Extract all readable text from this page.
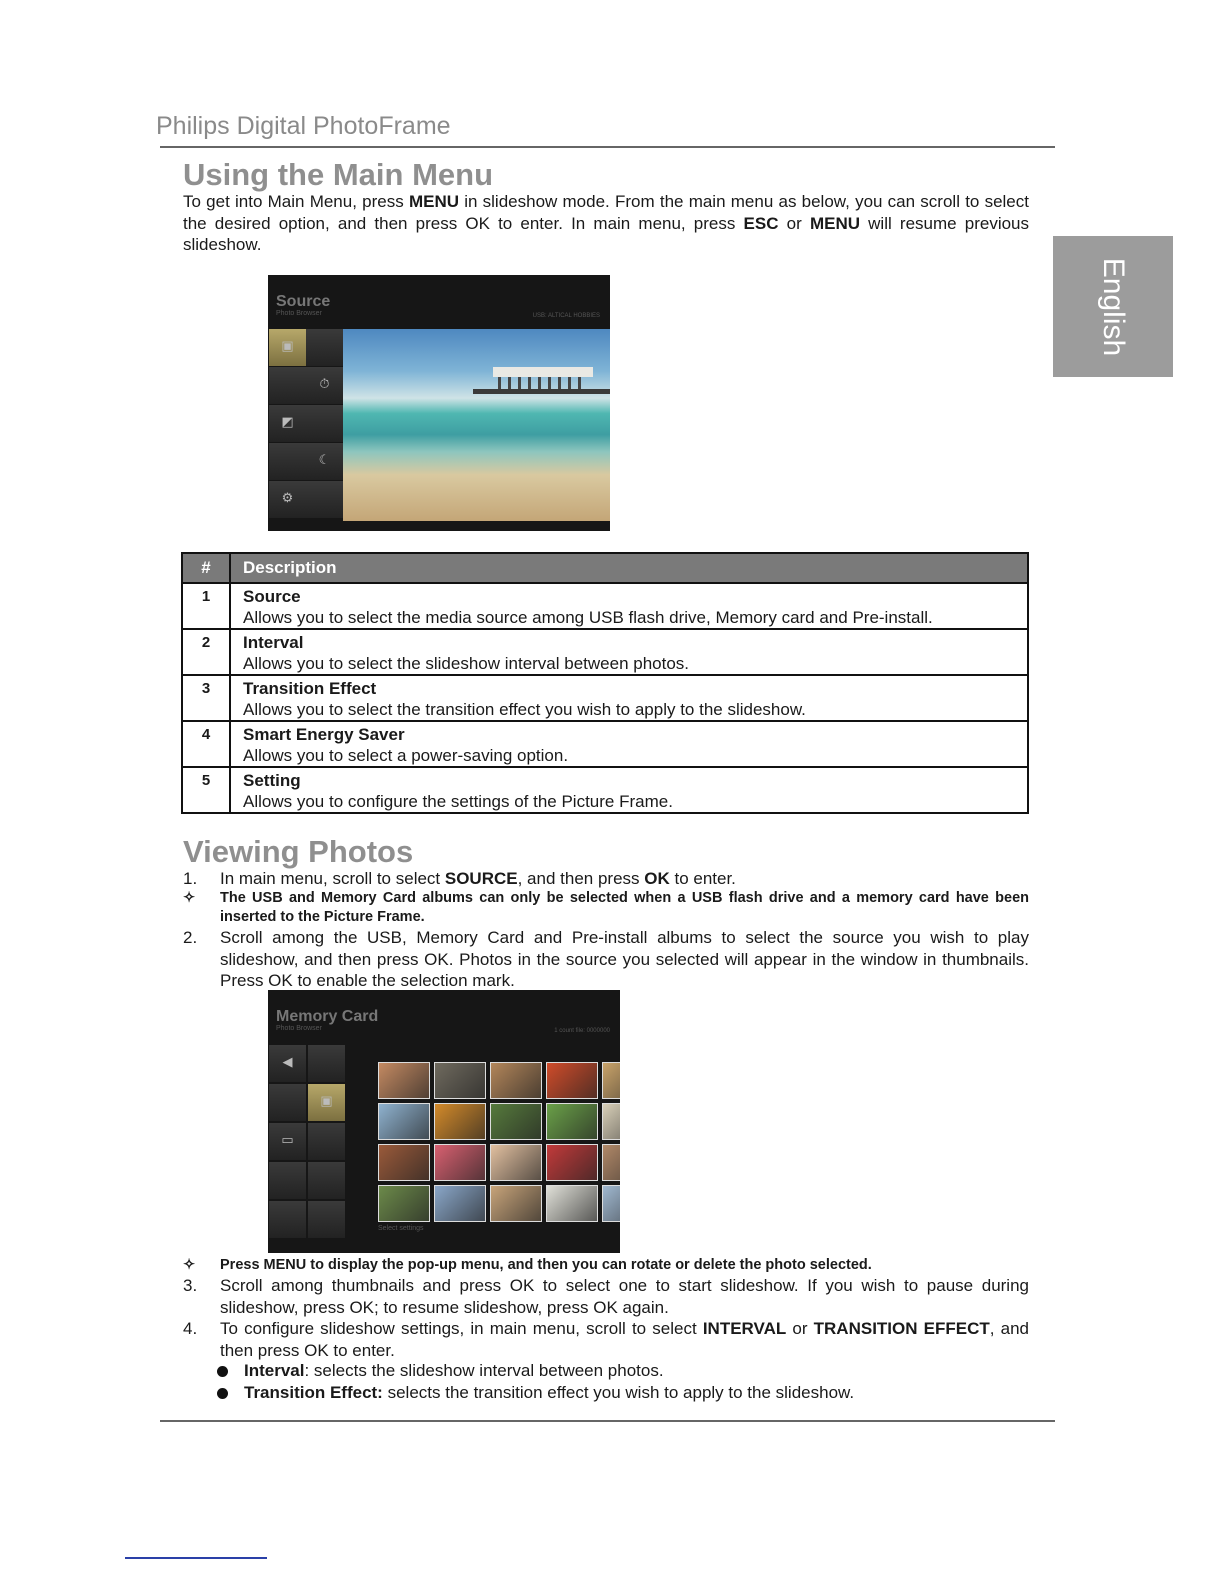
Philips Digital PhotoFrame
English
Using the Main Menu
To get into Main Menu, press MENU in slideshow mode. From the main menu as below, you can scroll to select the desired option, and then press OK to enter. In main menu, press ESC or MENU will resume previous slideshow.
Source
Photo Browser	USB: ALTICAL HOBBIES
▣
⏱
◩
☾
⚙
#	Description
1	Source
Allows you to select the media source among USB flash drive, Memory card and Pre-install.

2	Interval
Allows you to select the slideshow interval between photos.

3	Transition Effect
Allows you to select the transition effect you wish to apply to the slideshow.

4	Smart Energy Saver
Allows you to select a power-saving option.

5	Setting
Allows you to configure the settings of the Picture Frame.
Viewing Photos
1. In main menu, scroll to select SOURCE, and then press OK to enter.
✧ The USB and Memory Card albums can only be selected when a USB flash drive and a memory card have been inserted to the Picture Frame.
2. Scroll among the USB, Memory Card and Pre-install albums to select the source you wish to play slideshow, and then press OK. Photos in the source you selected will appear in the window in thumbnails. Press OK to enable the selection mark.
Memory Card
Photo Browser	1 count file: 0000000
◀
▣
▭
Select settings
✧ Press MENU to display the pop-up menu, and then you can rotate or delete the photo selected.
3. Scroll among thumbnails and press OK to select one to start slideshow. If you wish to pause during slideshow, press OK; to resume slideshow, press OK again.
4. To configure slideshow settings, in main menu, scroll to select INTERVAL or TRANSITION EFFECT, and then press OK to enter.
Interval: selects the slideshow interval between photos.
Transition Effect: selects the transition effect you wish to apply to the slideshow.
